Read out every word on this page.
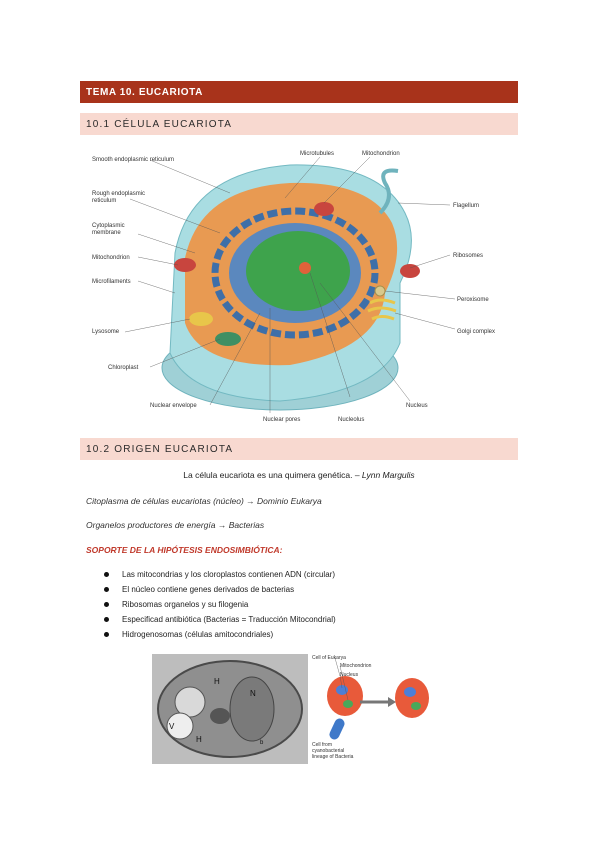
TEMA 10. EUCARIOTA
10.1 CÉLULA EUCARIOTA
Smooth endoplasmic reticulum
Rough endoplasmic
reticulum
Cytoplasmic
membrane
Mitochondrion
Microfilaments
Lysosome
Chloroplast
Nuclear envelope
Nuclear pores	Nucleolus
Nucleus
Golgi complex
Peroxisome
Ribosomes
Flagellum
Microtubules	Mitochondrion
10.2 ORIGEN EUCARIOTA
La célula eucariota es una quimera genética. – Lynn Margulis
Citoplasma de células eucariotas (núcleo) → Dominio Eukarya
Organelos productores de energía → Bacterias
SOPORTE DE LA HIPÓTESIS ENDOSIMBIÓTICA:
Las mitocondrias y los cloroplastos contienen ADN (circular)
El núcleo contiene genes derivados de bacterias
Ribosomas organelos y su filogenia
Especificad antibiótica (Bacterias = Traducción Mitocondrial)
Hidrogenosomas (células amitocondriales)
H
N
V
H	b
Cell of Eukarya
Mitochondrion
Nucleus
Cell from
cyanobacterial
lineage of Bacteria
